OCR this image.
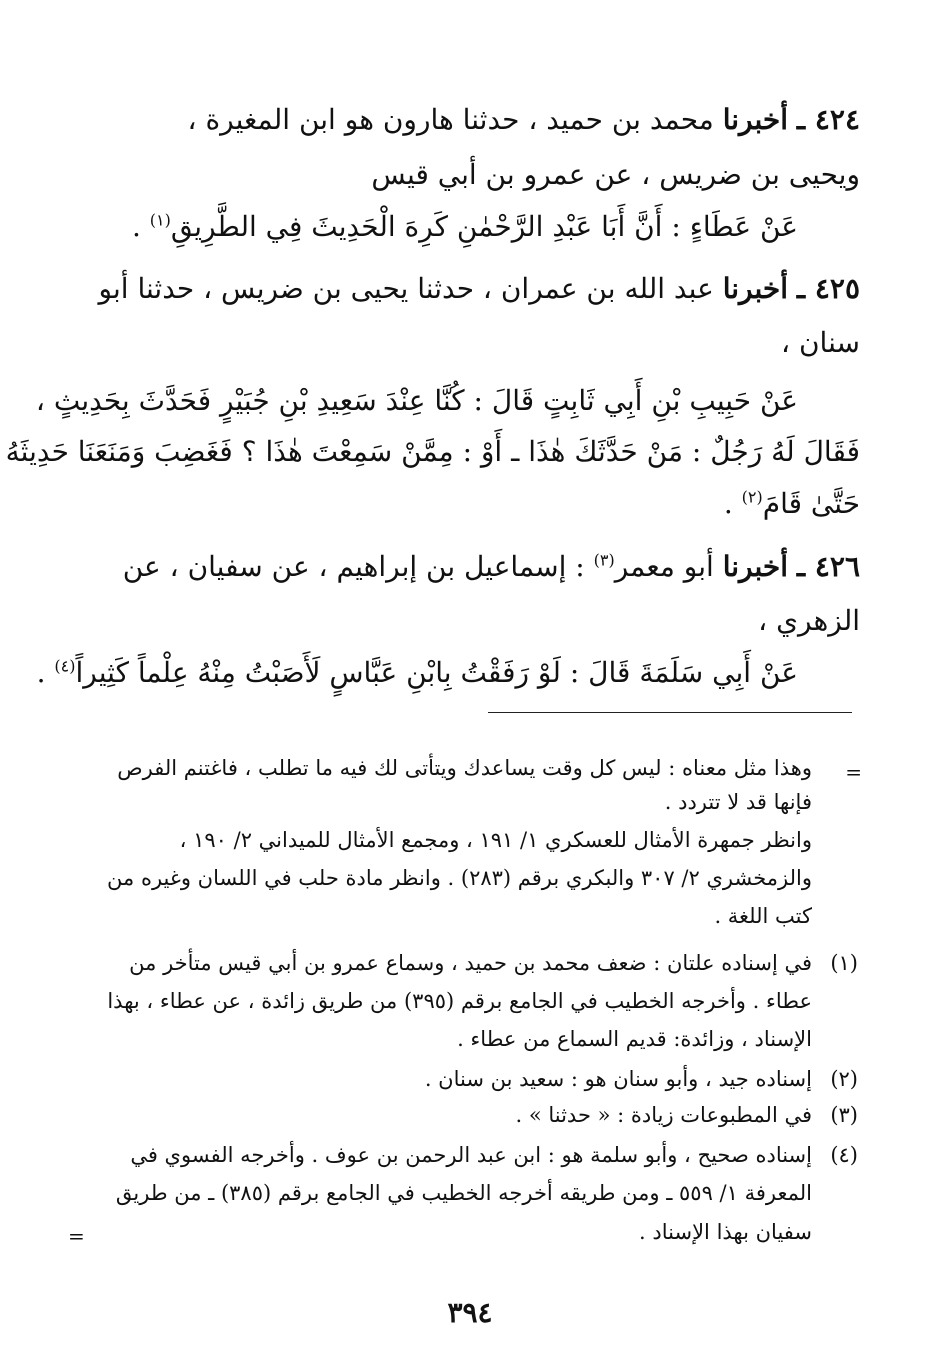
٤٢٤ ـ أخبرنا محمد بن حميد ، حدثنا هارون هو ابن المغيرة ،
ويحيى بن ضريس ، عن عمرو بن أبي قيس
عَنْ عَطَاءٍ : أَنَّ أَبَا عَبْدِ الرَّحْمٰنِ كَرِهَ الْحَدِيثَ فِي الطَّرِيقِ$^{(١)}$ .
٤٢٥ ـ أخبرنا عبد الله بن عمران ، حدثنا يحيى بن ضريس ، حدثنا أبو
سنان ،
عَنْ حَبِيبِ بْنِ أَبِي ثَابِتٍ قَالَ : كُنَّا عِنْدَ سَعِيدِ بْنِ جُبَيْرٍ فَحَدَّثَ بِحَدِيثٍ ،
فَقَالَ لَهُ رَجُلٌ : مَنْ حَدَّثَكَ هٰذَا ـ أَوْ : مِمَّنْ سَمِعْتَ هٰذَا ؟ فَغَضِبَ وَمَنَعَنَا حَدِيثَهُ
حَتَّىٰ قَامَ$^{(٢)}$ .
٤٢٦ ـ أخبرنا أبو معمر$^{(٣)}$ : إسماعيل بن إبراهيم ، عن سفيان ، عن
الزهري ،
عَنْ أَبِي سَلَمَةَ قَالَ : لَوْ رَفَقْتُ بِابْنِ عَبَّاسٍ لَأَصَبْتُ مِنْهُ عِلْماً كَثِيراً$^{(٤)}$ .
=
وهذا مثل معناه : ليس كل وقت يساعدك ويتأتى لك فيه ما تطلب ، فاغتنم الفرص
فإنها قد لا تتردد .
وانظر جمهرة الأمثال للعسكري ١/ ١٩١ ، ومجمع الأمثال للميداني ٢/ ١٩٠ ،
والزمخشري ٢/ ٣٠٧ والبكري برقم (٢٨٣) . وانظر مادة حلب في اللسان وغيره من
كتب اللغة .
(١)
في إسناده علتان : ضعف محمد بن حميد ، وسماع عمرو بن أبي قيس متأخر من
عطاء . وأخرجه الخطيب في الجامع برقم (٣٩٥) من طريق زائدة ، عن عطاء ، بهذا
الإسناد ، وزائدة: قديم السماع من عطاء .
(٢)
إسناده جيد ، وأبو سنان هو : سعيد بن سنان .
(٣)
في المطبوعات زيادة : « حدثنا » .
(٤)
إسناده صحيح ، وأبو سلمة هو : ابن عبد الرحمن بن عوف . وأخرجه الفسوي في
المعرفة ١/ ٥٥٩ ـ ومن طريقه أخرجه الخطيب في الجامع برقم (٣٨٥) ـ من طريق
سفيان بهذا الإسناد .
=
٣٩٤
